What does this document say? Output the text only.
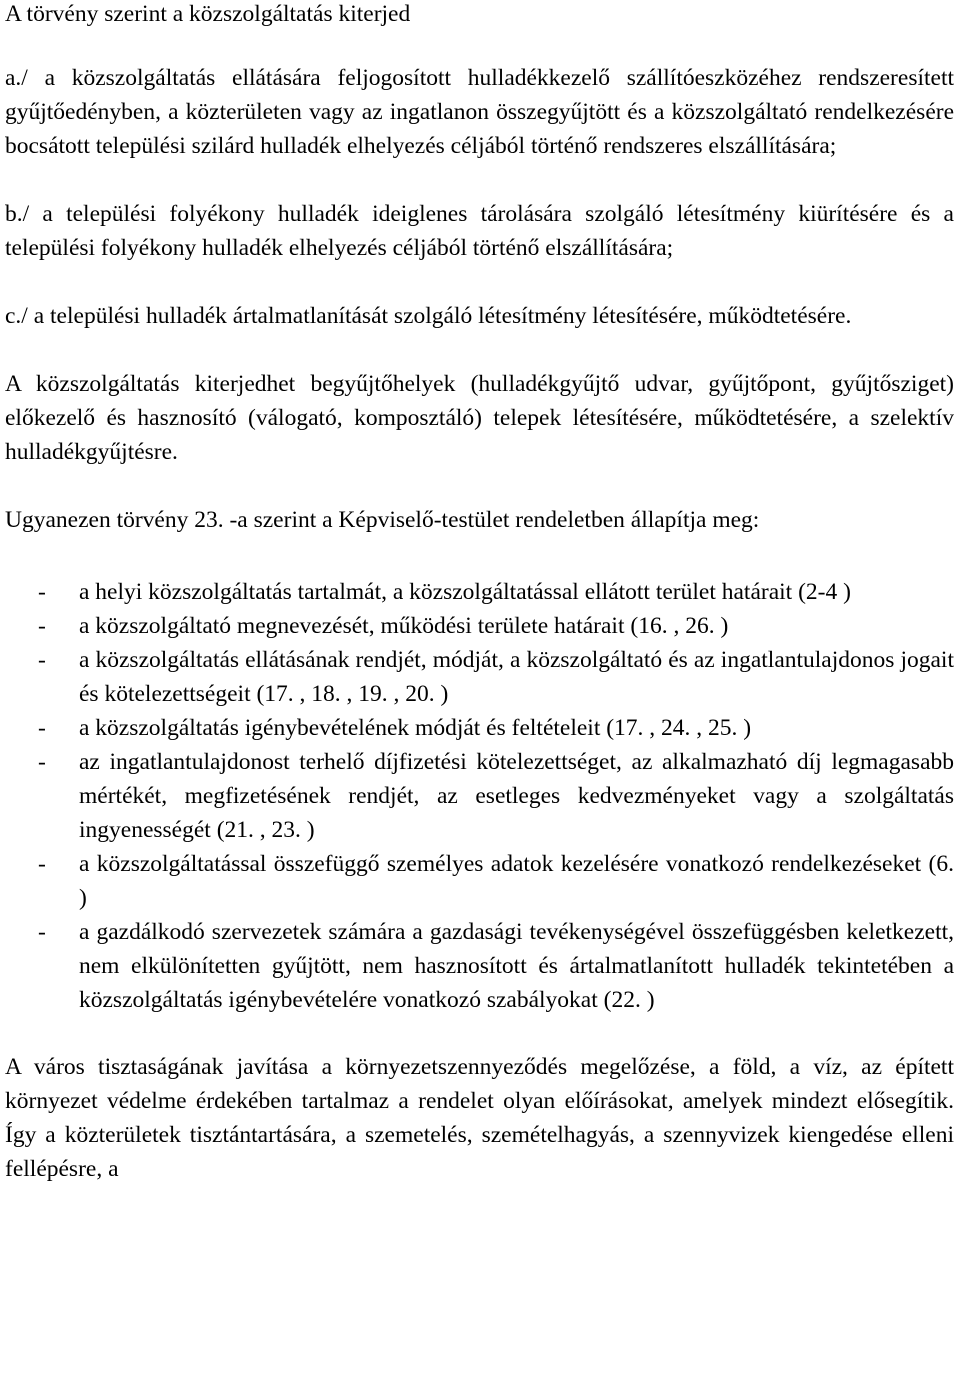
A törvény szerint a közszolgáltatás kiterjed

a./ a közszolgáltatás ellátására feljogosított hulladékkezelő szállítóeszközéhez rendszeresített gyűjtőedényben, a közterületen vagy az ingatlanon összegyűjtött és a közszolgáltató rendelkezésére bocsátott települési szilárd hulladék elhelyezés céljából történő rendszeres elszállítására;

b./ a települési folyékony hulladék ideiglenes tárolására szolgáló létesítmény kiürítésére és a települési folyékony hulladék elhelyezés céljából történő elszállítására;

c./ a települési hulladék ártalmatlanítását szolgáló létesítmény létesítésére, működtetésére.

A közszolgáltatás kiterjedhet begyűjtőhelyek (hulladékgyűjtő udvar, gyűjtőpont, gyűjtősziget) előkezelő és hasznosító (válogató, komposztáló) telepek létesítésére, működtetésére, a szelektív hulladékgyűjtésre.

Ugyanezen törvény 23. -a szerint a Képviselő-testület rendeletben állapítja meg:

-	a helyi közszolgáltatás tartalmát, a közszolgáltatással ellátott terület határait (2-4 )
-	a közszolgáltató megnevezését, működési területe határait (16. , 26. )
-	a közszolgáltatás ellátásának rendjét, módját, a közszolgáltató és az ingatlantulajdonos jogait és kötelezettségeit (17. , 18. , 19. , 20. )
-	a közszolgáltatás igénybevételének módját és feltételeit (17. , 24. , 25. )
-	az ingatlantulajdonost terhelő díjfizetési kötelezettséget, az alkalmazható díj legmagasabb mértékét, megfizetésének rendjét, az esetleges kedvezményeket vagy a szolgáltatás ingyenességét (21. , 23. )
-	a közszolgáltatással összefüggő személyes adatok kezelésére vonatkozó rendelkezéseket (6. )
-	a gazdálkodó szervezetek számára a gazdasági tevékenységével összefüggésben keletkezett, nem elkülönítetten gyűjtött, nem hasznosított és ártalmatlanított hulladék tekintetében a közszolgáltatás igénybevételére vonatkozó szabályokat (22. )

A város tisztaságának javítása a környezetszennyeződés megelőzése, a föld, a víz, az épített környezet védelme érdekében tartalmaz a rendelet olyan előírásokat, amelyek mindezt elősegítik. Így a közterületek tisztántartására, a szemetelés, szemételhagyás, a szennyvizek kiengedése elleni fellépésre, a
